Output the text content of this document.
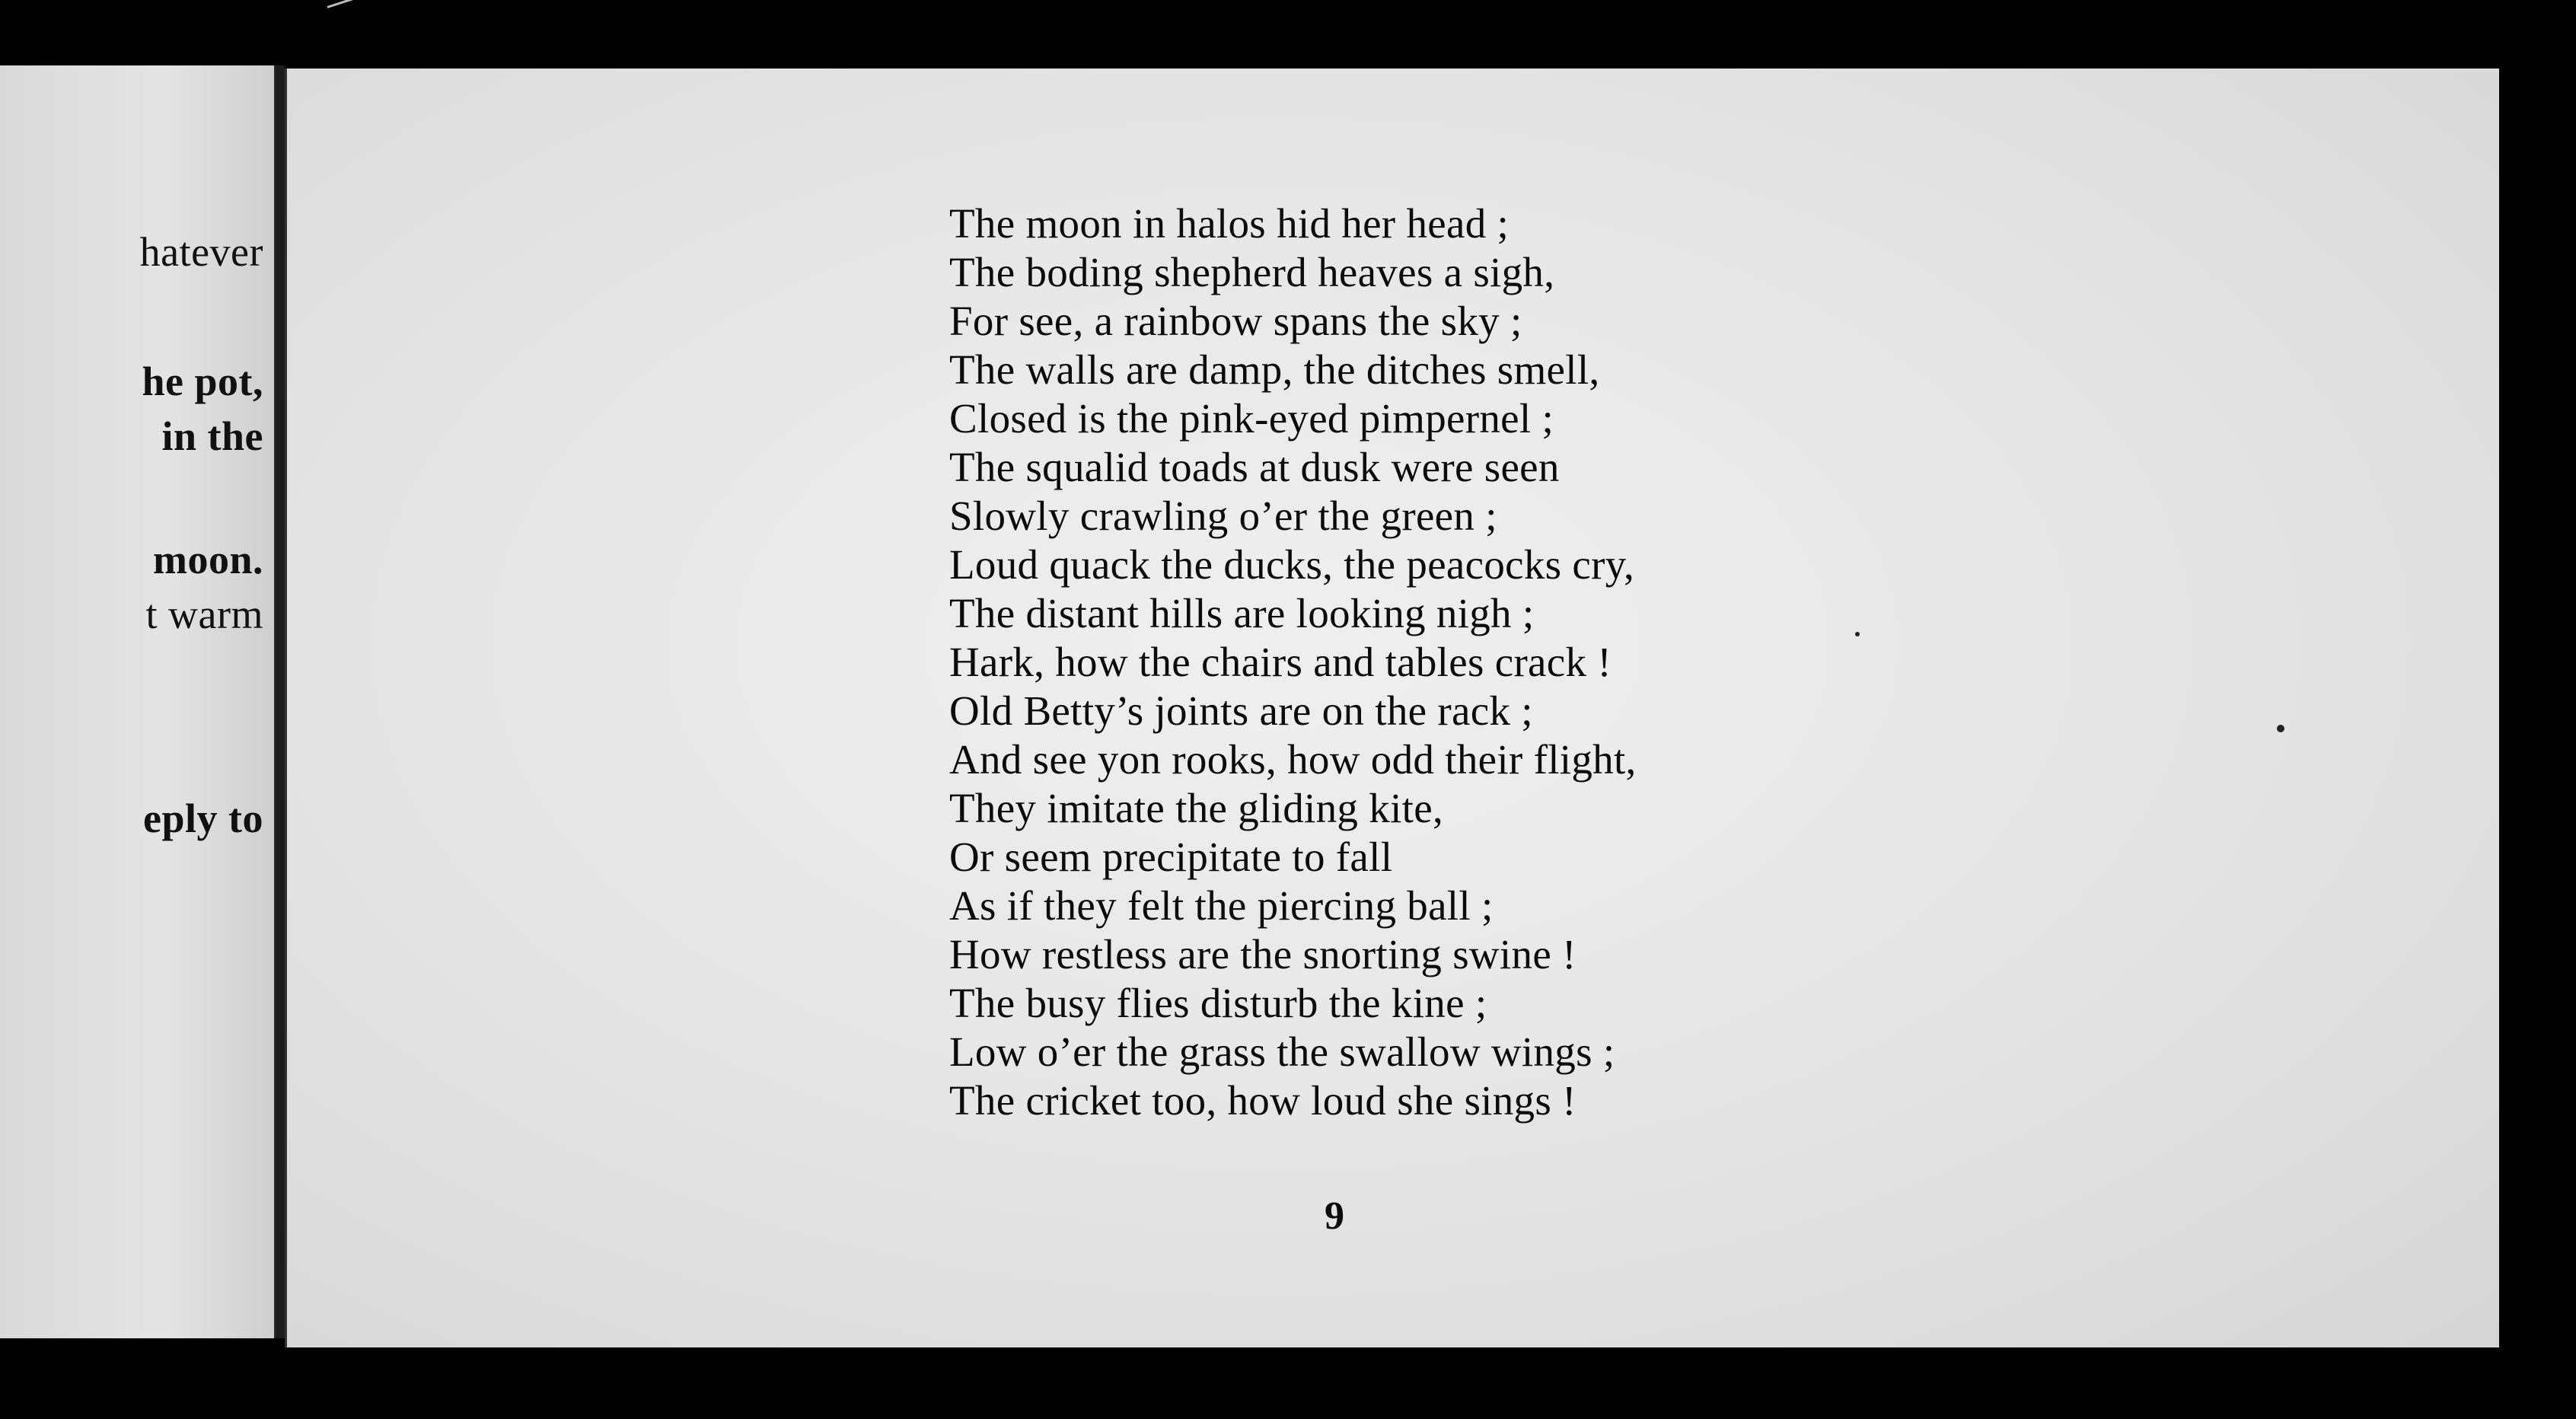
hatever
he pot,
in the
moon.
t warm
eply to

The moon in halos hid her head ;
The boding shepherd heaves a sigh,
For see, a rainbow spans the sky ;
The walls are damp, the ditches smell,
Closed is the pink-eyed pimpernel ;
The squalid toads at dusk were seen
Slowly crawling o’er the green ;
Loud quack the ducks, the peacocks cry,
The distant hills are looking nigh ;
Hark, how the chairs and tables crack !
Old Betty’s joints are on the rack ;
And see yon rooks, how odd their flight,
They imitate the gliding kite,
Or seem precipitate to fall
As if they felt the piercing ball ;
How restless are the snorting swine !
The busy flies disturb the kine ;
Low o’er the grass the swallow wings ;
The cricket too, how loud she sings !
9
